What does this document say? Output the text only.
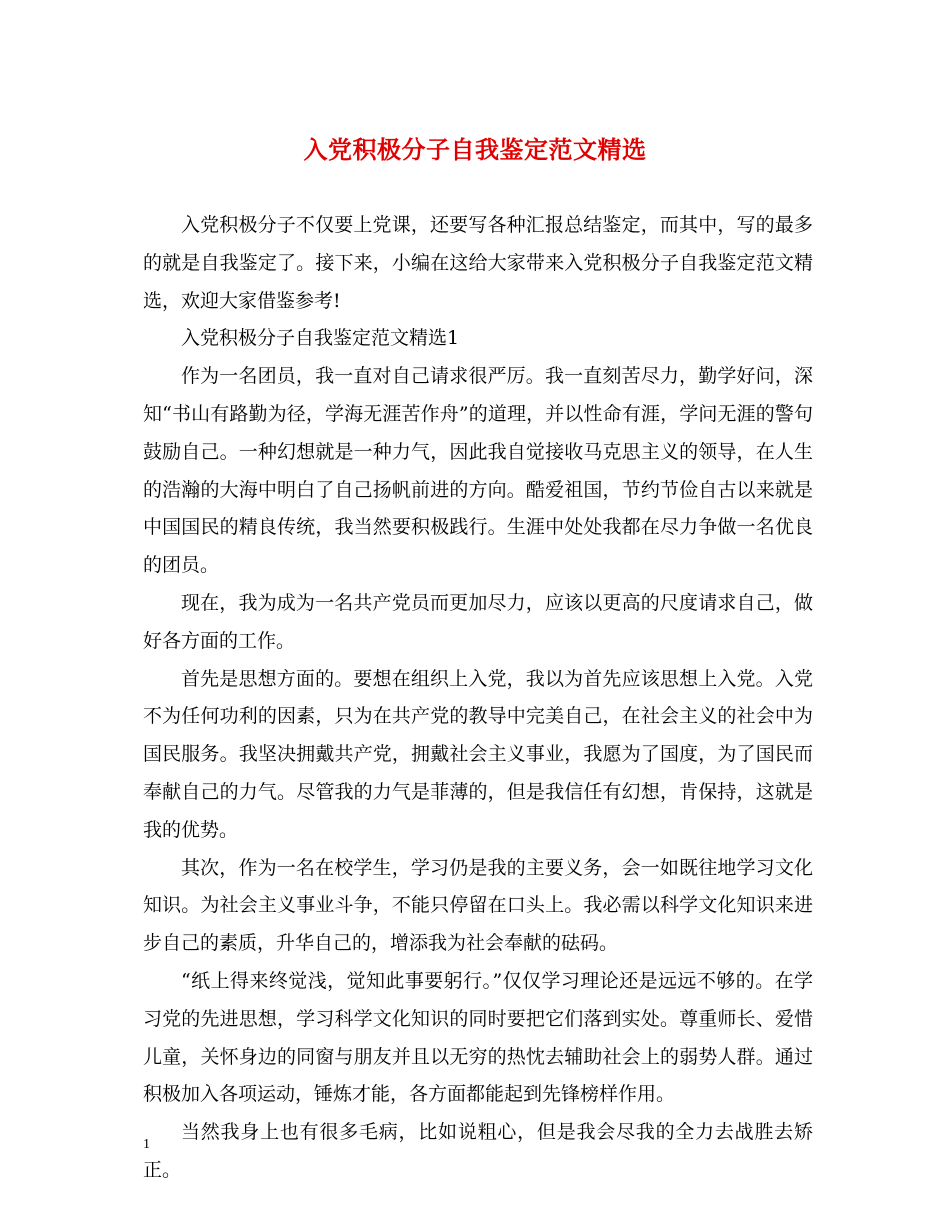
入党积极分子自我鉴定范文精选

入党积极分子不仅要上党课，还要写各种汇报总结鉴定，而其中，写的最多的就是自我鉴定了。接下来，小编在这给大家带来入党积极分子自我鉴定范文精选，欢迎大家借鉴参考!

入党积极分子自我鉴定范文精选1

作为一名团员，我一直对自己请求很严厉。我一直刻苦尽力，勤学好问，深知“书山有路勤为径，学海无涯苦作舟”的道理，并以性命有涯，学问无涯的警句鼓励自己。一种幻想就是一种力气，因此我自觉接收马克思主义的领导，在人生的浩瀚的大海中明白了自己扬帆前进的方向。酷爱祖国，节约节俭自古以来就是中国国民的精良传统，我当然要积极践行。生涯中处处我都在尽力争做一名优良的团员。

现在，我为成为一名共产党员而更加尽力，应该以更高的尺度请求自己，做好各方面的工作。

首先是思想方面的。要想在组织上入党，我以为首先应该思想上入党。入党不为任何功利的因素，只为在共产党的教导中完美自己，在社会主义的社会中为国民服务。我坚决拥戴共产党，拥戴社会主义事业，我愿为了国度，为了国民而奉献自己的力气。尽管我的力气是菲薄的，但是我信任有幻想，肯保持，这就是我的优势。

其次，作为一名在校学生，学习仍是我的主要义务，会一如既往地学习文化知识。为社会主义事业斗争，不能只停留在口头上。我必需以科学文化知识来进步自己的素质，升华自己的，增添我为社会奉献的砝码。

“纸上得来终觉浅，觉知此事要躬行。”仅仅学习理论还是远远不够的。在学习党的先进思想，学习科学文化知识的同时要把它们落到实处。尊重师长、爱惜儿童，关怀身边的同窗与朋友并且以无穷的热忱去辅助社会上的弱势人群。通过积极加入各项运动，锤炼才能，各方面都能起到先锋榜样作用。

当然我身上也有很多毛病，比如说粗心，但是我会尽我的全力去战胜去矫正。

1
